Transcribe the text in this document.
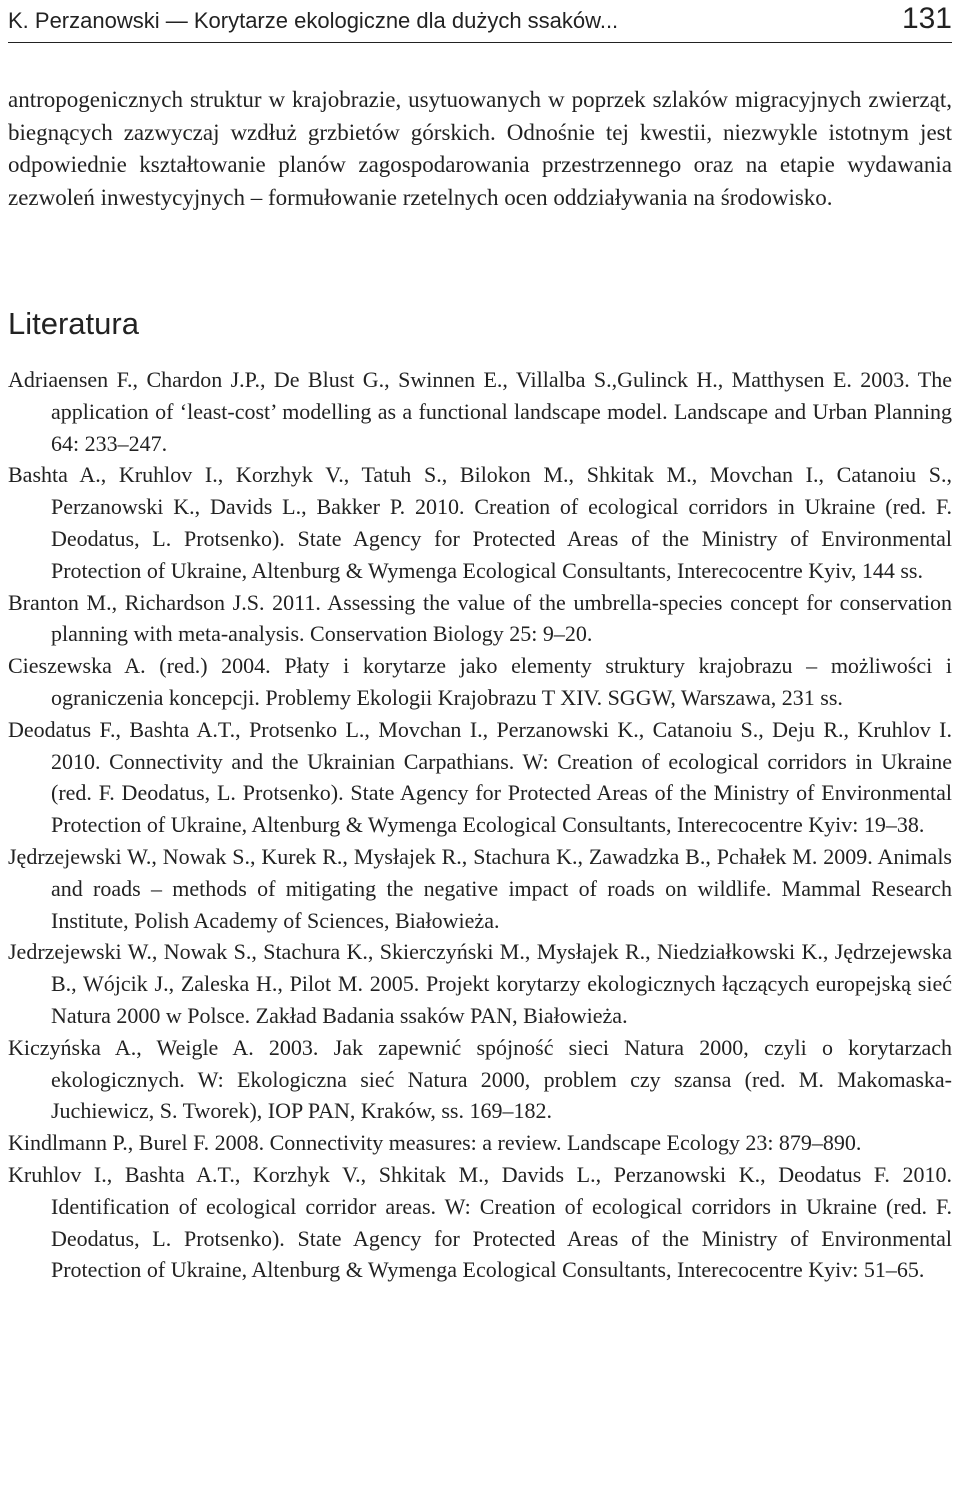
K. Perzanowski — Korytarze ekologiczne dla dużych ssaków...	131

antropogenicznych struktur w krajobrazie, usytuowanych w poprzek szlaków migracyjnych zwierząt, biegnących zazwyczaj wzdłuż grzbietów górskich. Odnośnie tej kwestii, niezwykle istotnym jest odpowiednie kształtowanie planów zagospodarowania przestrzennego oraz na etapie wydawania zezwoleń inwestycyjnych – formułowanie rzetelnych ocen oddziaływania na środowisko.

Literatura
Adriaensen F., Chardon J.P., De Blust G., Swinnen E., Villalba S.,Gulinck H., Matthysen E. 2003. The application of ‘least-cost’ modelling as a functional landscape model. Landscape and Urban Planning 64: 233–247.
Bashta A., Kruhlov I., Korzhyk V., Tatuh S., Bilokon M., Shkitak M., Movchan I., Catanoiu S., Perzanowski K., Davids L., Bakker P. 2010. Creation of ecological corridors in Ukraine (red. F. Deodatus, L. Protsenko). State Agency for Protected Areas of the Ministry of Environmental Protection of Ukraine, Altenburg & Wymenga Ecological Consultants, Interecocentre Kyiv, 144 ss.
Branton M., Richardson J.S. 2011. Assessing the value of the umbrella-species concept for conservation planning with meta-analysis. Conservation Biology 25: 9–20.
Cieszewska A. (red.) 2004. Płaty i korytarze jako elementy struktury krajobrazu – możliwości i ograniczenia koncepcji. Problemy Ekologii Krajobrazu T XIV. SGGW, Warszawa, 231 ss.
Deodatus F., Bashta A.T., Protsenko L., Movchan I., Perzanowski K., Catanoiu S., Deju R., Kruhlov I. 2010. Connectivity and the Ukrainian Carpathians. W: Creation of ecological corridors in Ukraine (red. F. Deodatus, L. Protsenko). State Agency for Protected Areas of the Ministry of Environmental Protection of Ukraine, Altenburg & Wymenga Ecological Consultants, Interecocentre Kyiv: 19–38.
Jędrzejewski W., Nowak S., Kurek R., Mysłajek R., Stachura K., Zawadzka B., Pchałek M. 2009. Animals and roads – methods of mitigating the negative impact of roads on wildlife. Mammal Research Institute, Polish Academy of Sciences, Białowieża.
Jedrzejewski W., Nowak S., Stachura K., Skierczyński M., Mysłajek R., Niedziałkowski K., Jędrzejewska B., Wójcik J., Zaleska H., Pilot M. 2005. Projekt korytarzy ekologicznych łączących europejską sieć Natura 2000 w Polsce. Zakład Badania ssaków PAN, Białowieża.
Kiczyńska A., Weigle A. 2003. Jak zapewnić spójność sieci Natura 2000, czyli o korytarzach ekologicznych. W: Ekologiczna sieć Natura 2000, problem czy szansa (red. M. Makomaska-Juchiewicz, S. Tworek), IOP PAN, Kraków, ss. 169–182.
Kindlmann P., Burel F. 2008. Connectivity measures: a review. Landscape Ecology 23: 879–890.
Kruhlov I., Bashta A.T., Korzhyk V., Shkitak M., Davids L., Perzanowski K., Deodatus F. 2010. Identification of ecological corridor areas. W: Creation of ecological corridors in Ukraine (red. F. Deodatus, L. Protsenko). State Agency for Protected Areas of the Ministry of Environmental Protection of Ukraine, Altenburg & Wymenga Ecological Consultants, Interecocentre Kyiv: 51–65.
